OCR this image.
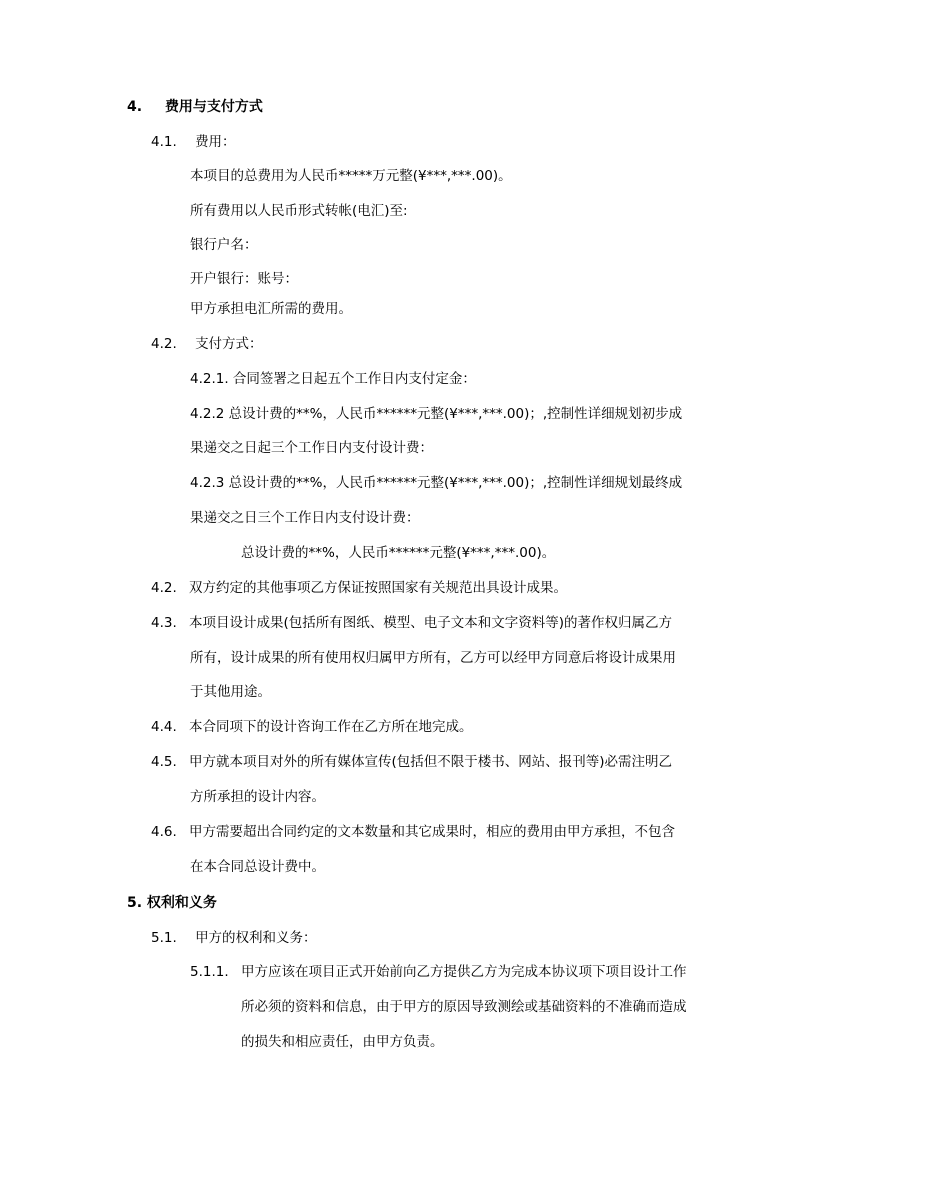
4. 费用与支付方式
4.1. 费用：
本项目的总费用为人民币*****万元整(¥***,***.00)。
所有费用以人民币形式转帐(电汇)至:
银行户名：
开户银行：账号：
甲方承担电汇所需的费用。
4.2. 支付方式：
4.2.1. 合同签署之日起五个工作日内支付定金：
4.2.2 总设计费的**%，人民币******元整(¥***,***.00)；,控制性详细规划初步成
果递交之日起三个工作日内支付设计费：
4.2.3 总设计费的**%，人民币******元整(¥***,***.00)；,控制性详细规划最终成
果递交之日三个工作日内支付设计费：
总设计费的**%，人民币******元整(¥***,***.00)。
4.2. 双方约定的其他事项乙方保证按照国家有关规范出具设计成果。
4.3. 本项目设计成果(包括所有图纸、模型、电子文本和文字资料等)的著作权归属乙方
所有，设计成果的所有使用权归属甲方所有，乙方可以经甲方同意后将设计成果用
于其他用途。
4.4. 本合同项下的设计咨询工作在乙方所在地完成。
4.5. 甲方就本项目对外的所有媒体宣传(包括但不限于楼书、网站、报刊等)必需注明乙
方所承担的设计内容。
4.6. 甲方需要超出合同约定的文本数量和其它成果时，相应的费用由甲方承担，不包含
在本合同总设计费中。
5. 权利和义务
5.1. 甲方的权利和义务：
5.1.1. 甲方应该在项目正式开始前向乙方提供乙方为完成本协议项下项目设计工作
所必须的资料和信息，由于甲方的原因导致测绘或基础资料的不准确而造成
的损失和相应责任，由甲方负责。
